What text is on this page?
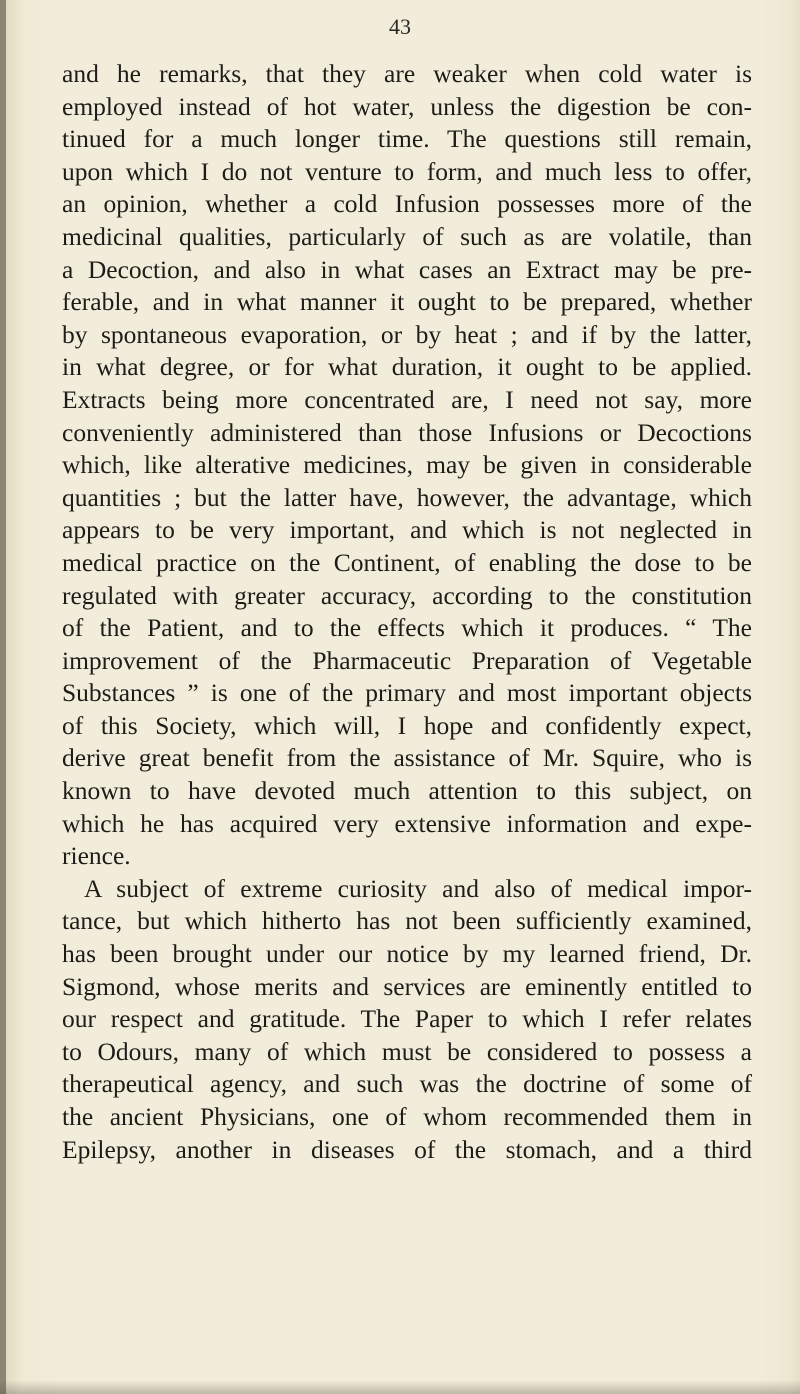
43
and he remarks, that they are weaker when cold water is
employed instead of hot water, unless the digestion be con-
tinued for a much longer time. The questions still remain,
upon which I do not venture to form, and much less to offer,
an opinion, whether a cold Infusion possesses more of the
medicinal qualities, particularly of such as are volatile, than
a Decoction, and also in what cases an Extract may be pre-
ferable, and in what manner it ought to be prepared, whether
by spontaneous evaporation, or by heat ; and if by the latter,
in what degree, or for what duration, it ought to be applied.
Extracts being more concentrated are, I need not say, more
conveniently administered than those Infusions or Decoctions
which, like alterative medicines, may be given in considerable
quantities ; but the latter have, however, the advantage, which
appears to be very important, and which is not neglected in
medical practice on the Continent, of enabling the dose to be
regulated with greater accuracy, according to the constitution
of the Patient, and to the effects which it produces. “ The
improvement of the Pharmaceutic Preparation of Vegetable
Substances ” is one of the primary and most important objects
of this Society, which will, I hope and confidently expect,
derive great benefit from the assistance of Mr. Squire, who is
known to have devoted much attention to this subject, on
which he has acquired very extensive information and expe-
rience.
A subject of extreme curiosity and also of medical impor-
tance, but which hitherto has not been sufficiently examined,
has been brought under our notice by my learned friend, Dr.
Sigmond, whose merits and services are eminently entitled to
our respect and gratitude. The Paper to which I refer relates
to Odours, many of which must be considered to possess a
therapeutical agency, and such was the doctrine of some of
the ancient Physicians, one of whom recommended them in
Epilepsy, another in diseases of the stomach, and a third
